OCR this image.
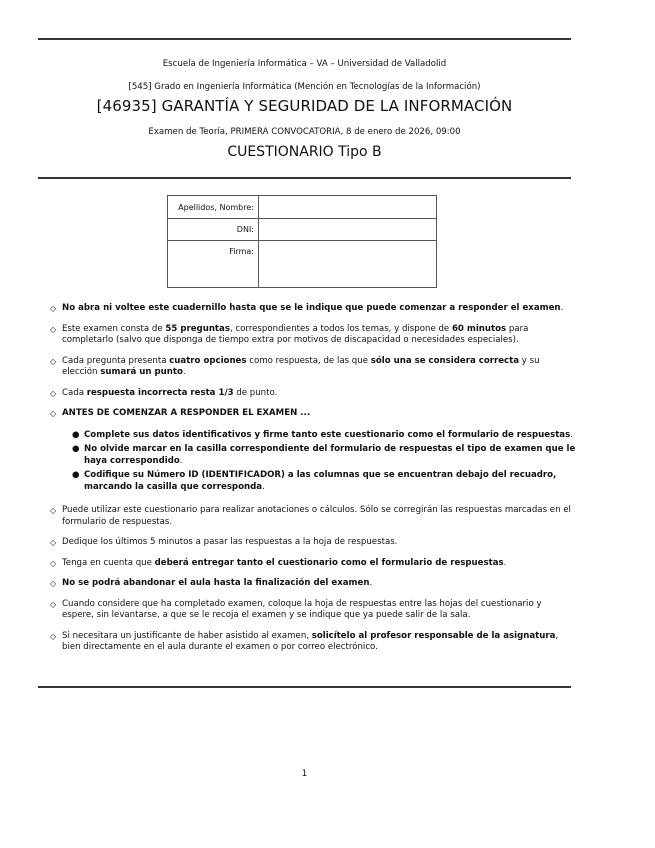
Escuela de Ingeniería Informática – VA – Universidad de Valladolid
[545] Grado en Ingeniería Informática (Mención en Tecnologías de la Información)
[46935] GARANTÍA Y SEGURIDAD DE LA INFORMACIÓN
Examen de Teoría, PRIMERA CONVOCATORIA, 8 de enero de 2026, 09:00
CUESTIONARIO Tipo B
Apellidos, Nombre:	
DNI:	
Firma:	
◇ No abra ni voltee este cuadernillo hasta que se le indique que puede comenzar a responder el examen.
◇ Este examen consta de 55 preguntas, correspondientes a todos los temas, y dispone de 60 minutos para completarlo (salvo que disponga de tiempo extra por motivos de discapacidad o necesidades especiales).
◇ Cada pregunta presenta cuatro opciones como respuesta, de las que sólo una se considera correcta y su elección sumará un punto.
◇ Cada respuesta incorrecta resta 1/3 de punto.
◇ ANTES DE COMENZAR A RESPONDER EL EXAMEN ...
● Complete sus datos identificativos y firme tanto este cuestionario como el formulario de respuestas.
● No olvide marcar en la casilla correspondiente del formulario de respuestas el tipo de examen que le haya correspondido.
● Codifique su Número ID (IDENTIFICADOR) a las columnas que se encuentran debajo del recuadro, marcando la casilla que corresponda.
◇ Puede utilizar este cuestionario para realizar anotaciones o cálculos. Sólo se corregirán las respuestas marcadas en el formulario de respuestas.
◇ Dedique los últimos 5 minutos a pasar las respuestas a la hoja de respuestas.
◇ Tenga en cuenta que deberá entregar tanto el cuestionario como el formulario de respuestas.
◇ No se podrá abandonar el aula hasta la finalización del examen.
◇ Cuando considere que ha completado examen, coloque la hoja de respuestas entre las hojas del cuestionario y espere, sin levantarse, a que se le recoja el examen y se indique que ya puede salir de la sala.
◇ Si necesitara un justificante de haber asistido al examen, solicítelo al profesor responsable de la asignatura, bien directamente en el aula durante el examen o por correo electrónico.
1
